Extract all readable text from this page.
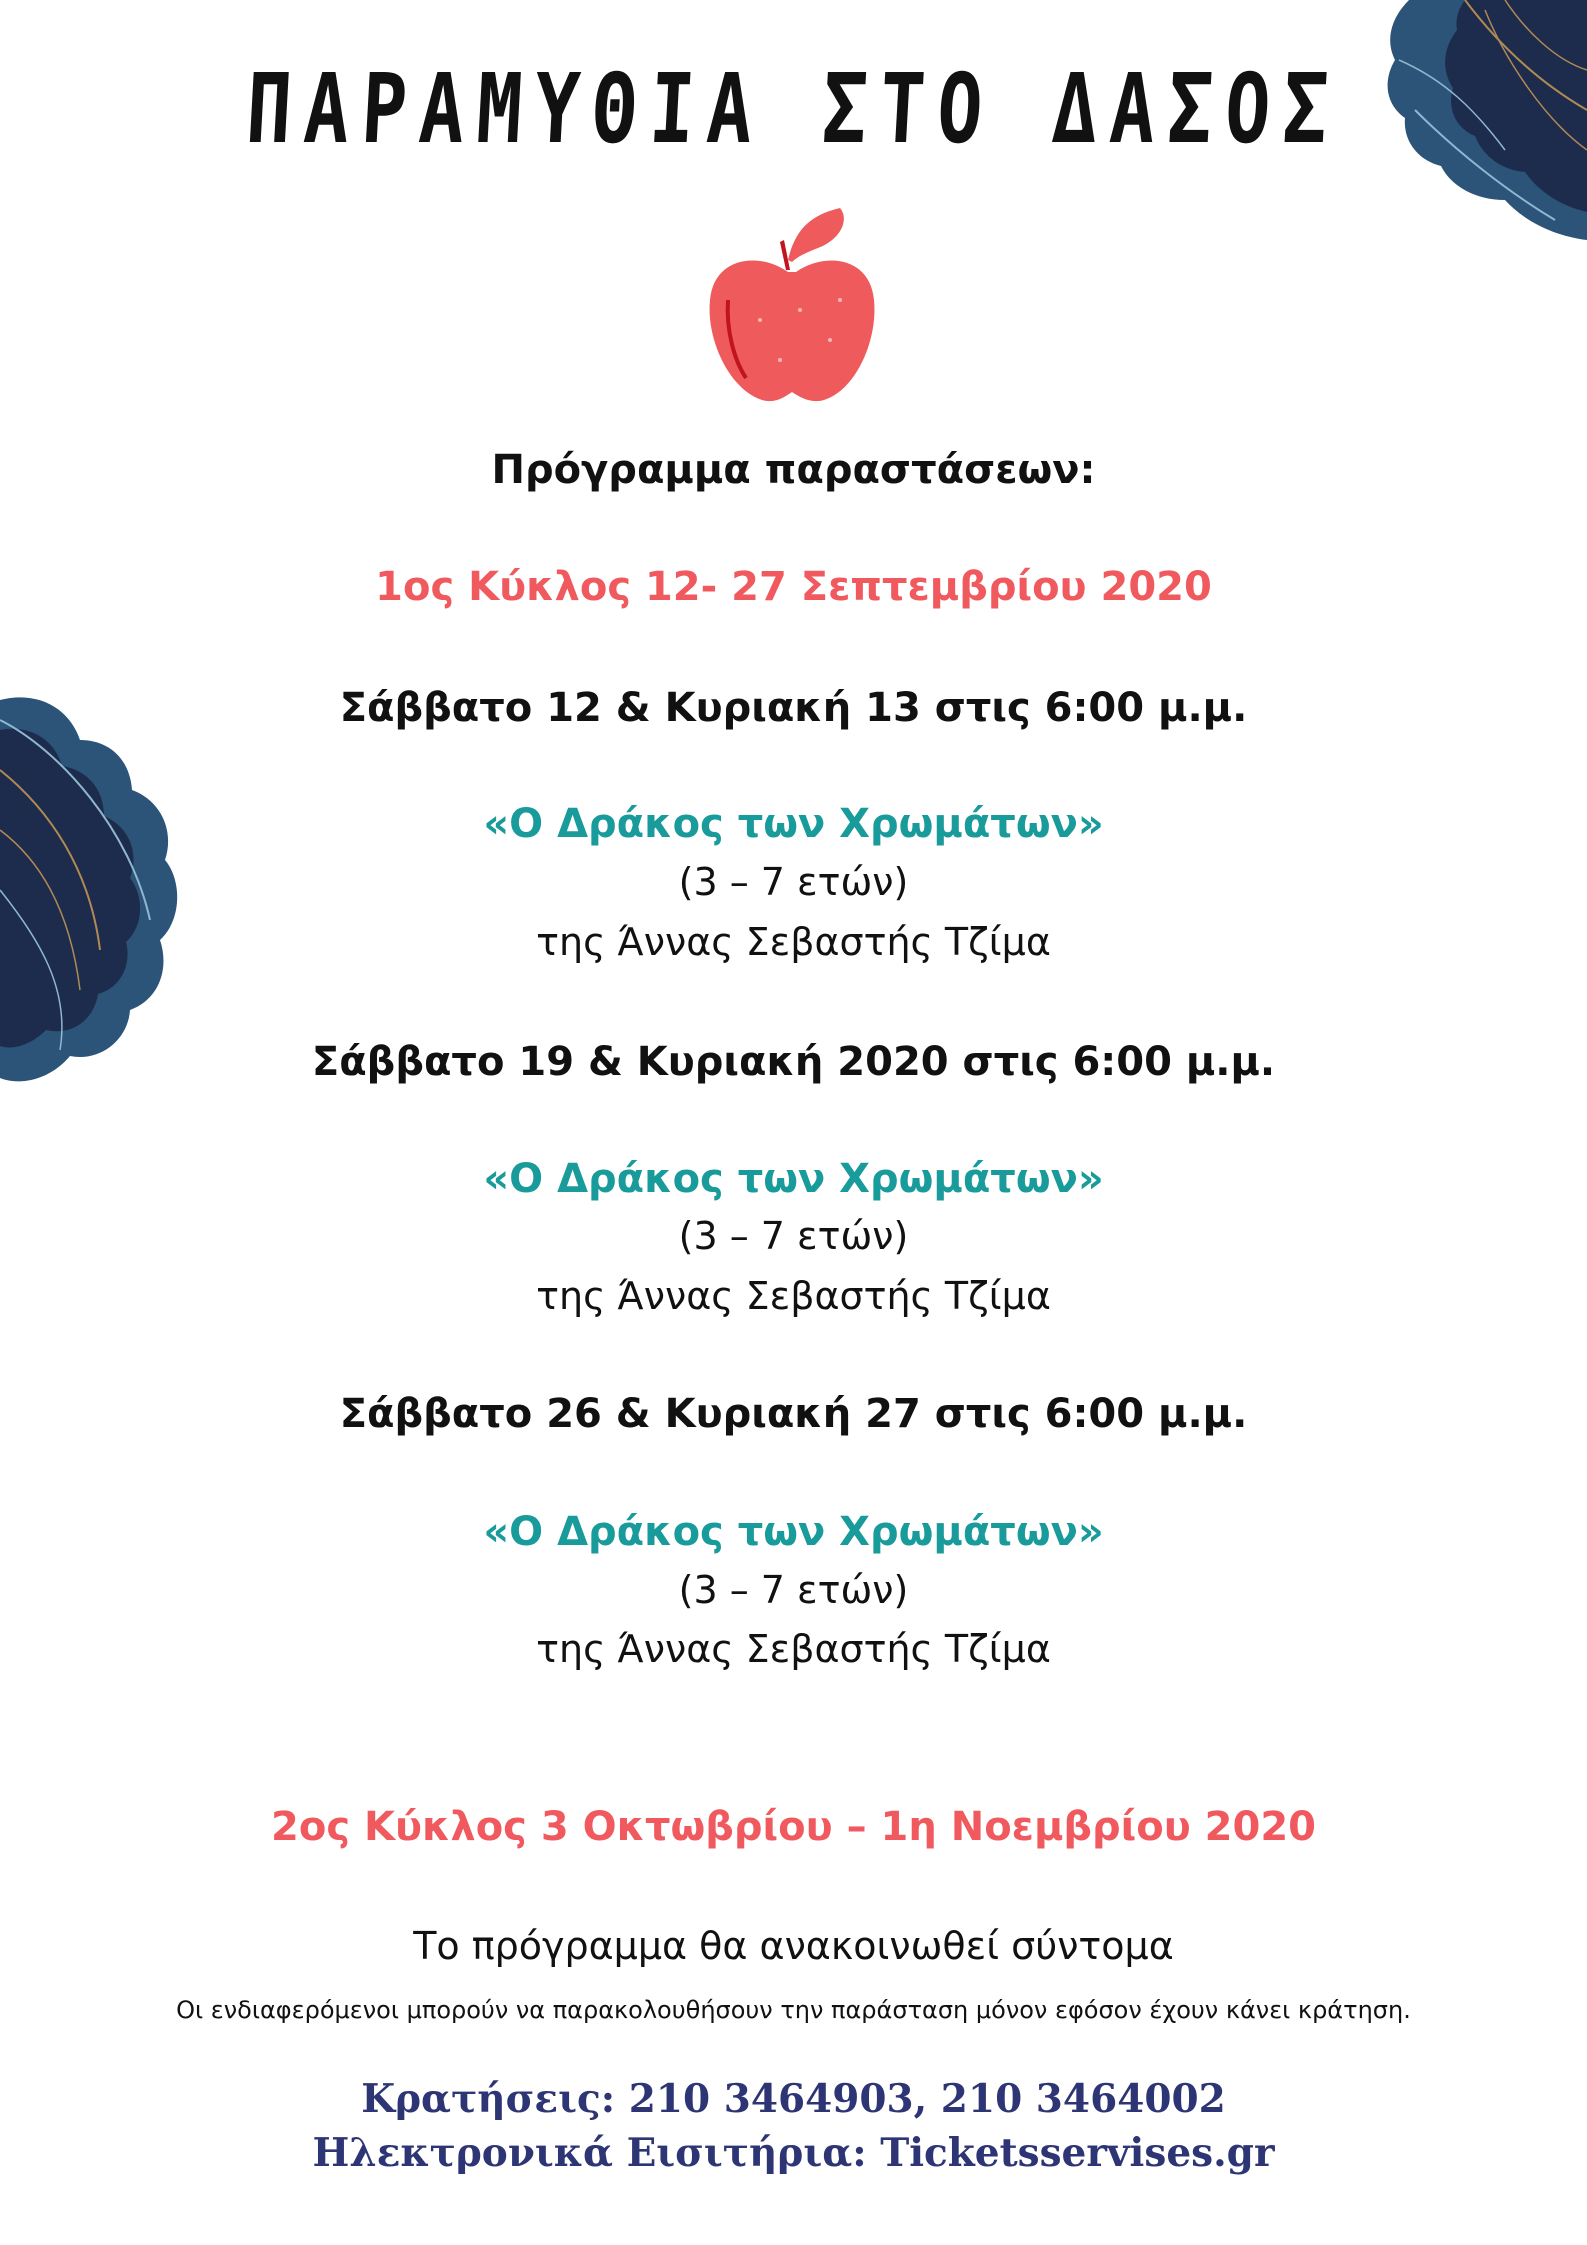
ΠΑΡΑΜΥΘΙΑ ΣΤΟ ΔΑΣΟΣ
Πρόγραμμα παραστάσεων:
1ος Κύκλος 12- 27 Σεπτεμβρίου 2020
Σάββατο 12 & Κυριακή 13 στις 6:00 μ.μ.
«Ο Δράκος των Χρωμάτων»
(3 – 7 ετών)
της Άννας Σεβαστής Τζίμα
Σάββατο 19 & Κυριακή 2020 στις 6:00 μ.μ.
«Ο Δράκος των Χρωμάτων»
(3 – 7 ετών)
της Άννας Σεβαστής Τζίμα
Σάββατο 26 & Κυριακή 27 στις 6:00 μ.μ.
«Ο Δράκος των Χρωμάτων»
(3 – 7 ετών)
της Άννας Σεβαστής Τζίμα
2ος Κύκλος 3 Οκτωβρίου – 1η Νοεμβρίου 2020
Το πρόγραμμα θα ανακοινωθεί σύντομα
Οι ενδιαφερόμενοι μπορούν να παρακολουθήσουν την παράσταση μόνον εφόσον έχουν κάνει κράτηση.
Κρατήσεις: 210 3464903, 210 3464002
Ηλεκτρονικά Εισιτήρια: Ticketsservises.gr
